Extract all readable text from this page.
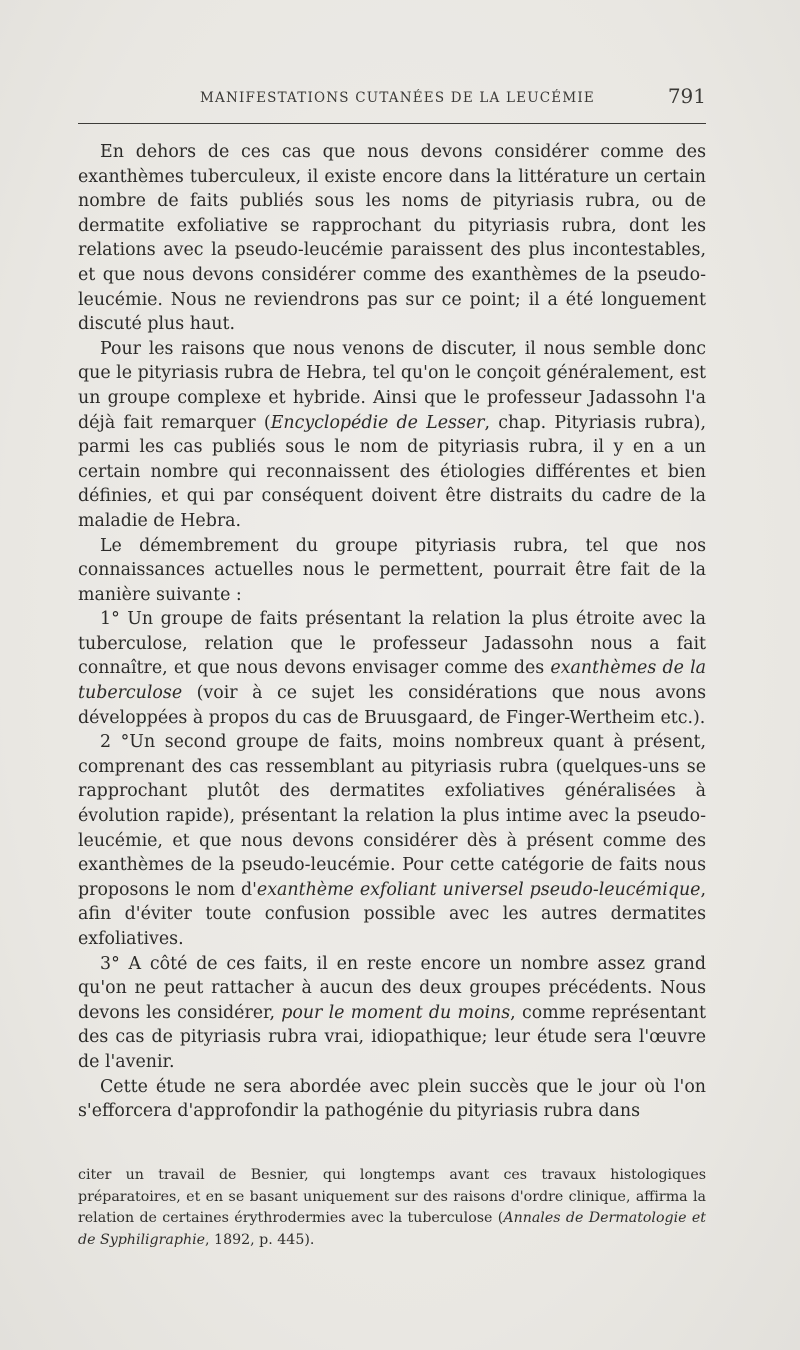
MANIFESTATIONS CUTANÉES DE LA LEUCÉMIE	791

En dehors de ces cas que nous devons considérer comme des exanthèmes tuberculeux, il existe encore dans la littérature un certain nombre de faits publiés sous les noms de pityriasis rubra, ou de dermatite exfoliative se rapprochant du pityriasis rubra, dont les relations avec la pseudo-leucémie paraissent des plus incontestables, et que nous devons considérer comme des exanthèmes de la pseudo-leucémie. Nous ne reviendrons pas sur ce point; il a été longuement discuté plus haut.

Pour les raisons que nous venons de discuter, il nous semble donc que le pityriasis rubra de Hebra, tel qu'on le conçoit généralement, est un groupe complexe et hybride. Ainsi que le professeur Jadassohn l'a déjà fait remarquer (Encyclopédie de Lesser, chap. Pityriasis rubra), parmi les cas publiés sous le nom de pityriasis rubra, il y en a un certain nombre qui reconnaissent des étiologies différentes et bien définies, et qui par conséquent doivent être distraits du cadre de la maladie de Hebra.

Le démembrement du groupe pityriasis rubra, tel que nos connaissances actuelles nous le permettent, pourrait être fait de la manière suivante :

1° Un groupe de faits présentant la relation la plus étroite avec la tuberculose, relation que le professeur Jadassohn nous a fait connaître, et que nous devons envisager comme des exanthèmes de la tuberculose (voir à ce sujet les considérations que nous avons développées à propos du cas de Bruusgaard, de Finger-Wertheim etc.).

2 °Un second groupe de faits, moins nombreux quant à présent, comprenant des cas ressemblant au pityriasis rubra (quelques-uns se rapprochant plutôt des dermatites exfoliatives généralisées à évolution rapide), présentant la relation la plus intime avec la pseudo-leucémie, et que nous devons considérer dès à présent comme des exanthèmes de la pseudo-leucémie. Pour cette catégorie de faits nous proposons le nom d'exanthème exfoliant universel pseudo-leucémique, afin d'éviter toute confusion possible avec les autres dermatites exfoliatives.

3° A côté de ces faits, il en reste encore un nombre assez grand qu'on ne peut rattacher à aucun des deux groupes précédents. Nous devons les considérer, pour le moment du moins, comme représentant des cas de pityriasis rubra vrai, idiopathique; leur étude sera l'œuvre de l'avenir.

Cette étude ne sera abordée avec plein succès que le jour où l'on s'efforcera d'approfondir la pathogénie du pityriasis rubra dans

citer un travail de Besnier, qui longtemps avant ces travaux histologiques préparatoires, et en se basant uniquement sur des raisons d'ordre clinique, affirma la relation de certaines érythrodermies avec la tuberculose (Annales de Dermatologie et de Syphiligraphie, 1892, p. 445).
